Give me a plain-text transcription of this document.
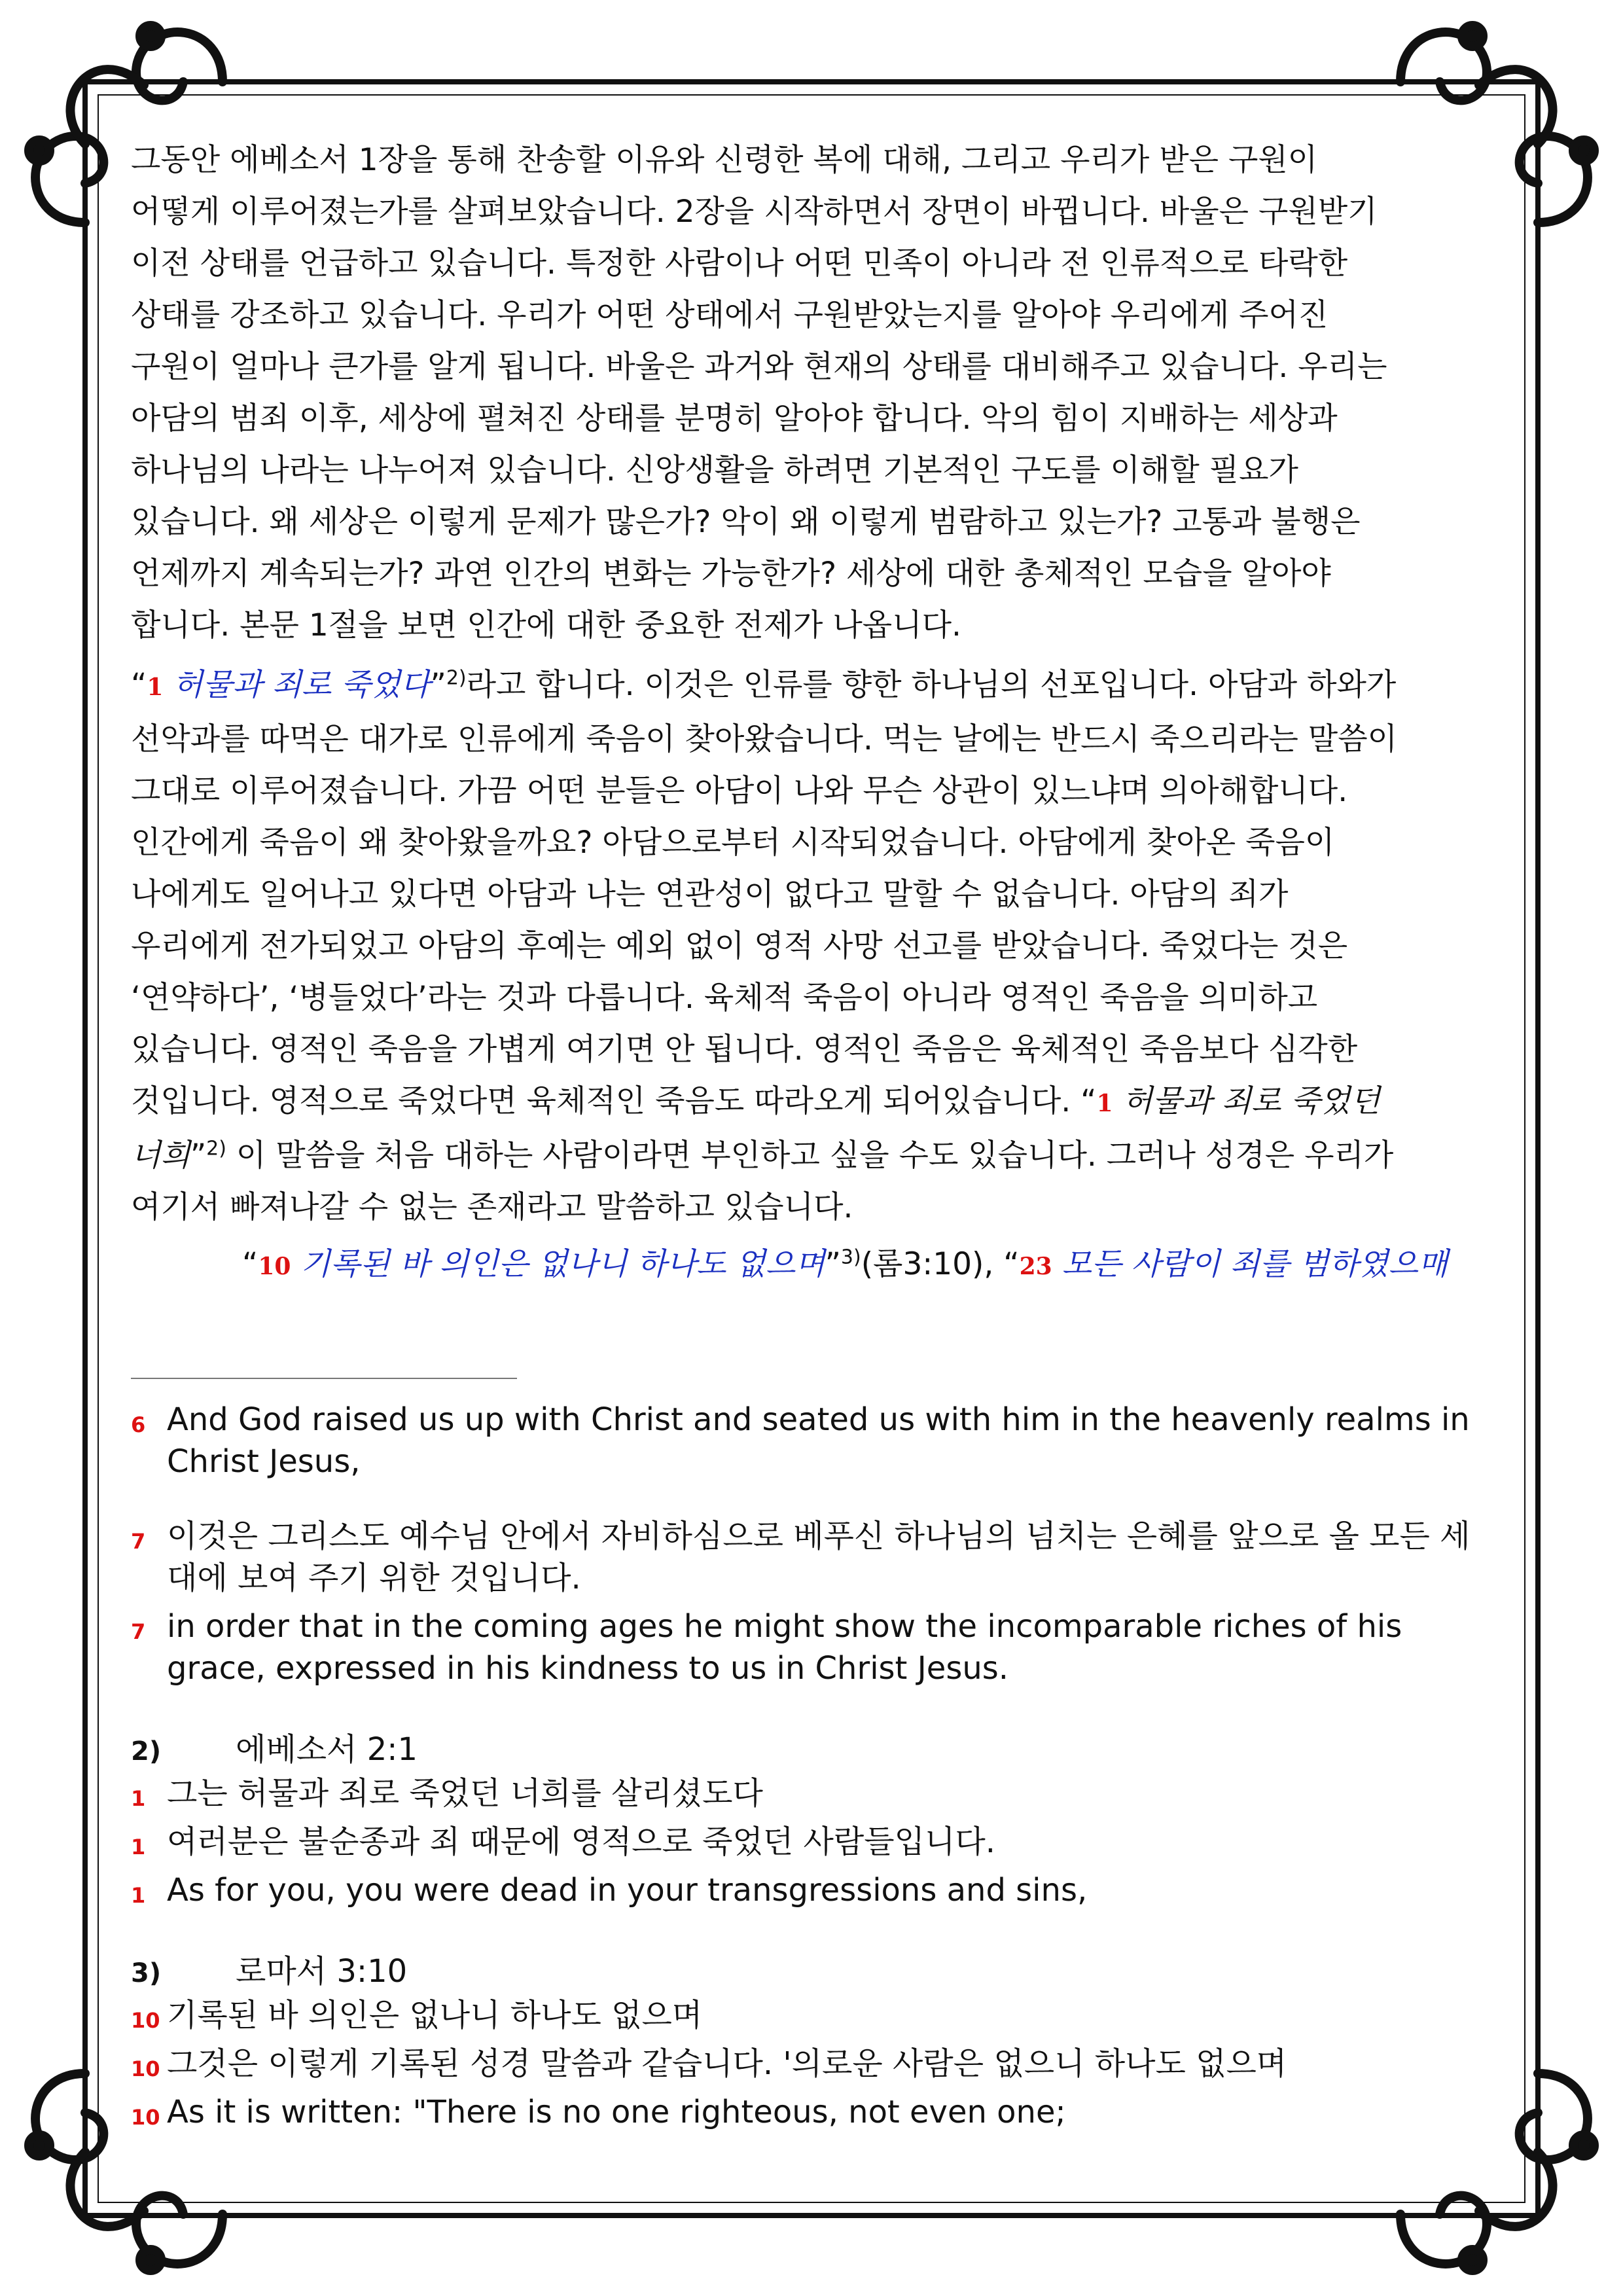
그동안 에베소서 1장을 통해 찬송할 이유와 신령한 복에 대해, 그리고 우리가 받은 구원이

어떻게 이루어졌는가를 살펴보았습니다. 2장을 시작하면서 장면이 바뀝니다. 바울은 구원받기

이전 상태를 언급하고 있습니다. 특정한 사람이나 어떤 민족이 아니라 전 인류적으로 타락한

상태를 강조하고 있습니다. 우리가 어떤 상태에서 구원받았는지를 알아야 우리에게 주어진

구원이 얼마나 큰가를 알게 됩니다. 바울은 과거와 현재의 상태를 대비해주고 있습니다. 우리는

아담의 범죄 이후, 세상에 펼쳐진 상태를 분명히 알아야 합니다. 악의 힘이 지배하는 세상과

하나님의 나라는 나누어져 있습니다. 신앙생활을 하려면 기본적인 구도를 이해할 필요가

있습니다. 왜 세상은 이렇게 문제가 많은가? 악이 왜 이렇게 범람하고 있는가? 고통과 불행은

언제까지 계속되는가? 과연 인간의 변화는 가능한가? 세상에 대한 총체적인 모습을 알아야

합니다. 본문 1절을 보면 인간에 대한 중요한 전제가 나옵니다.

“1 허물과 죄로 죽었다”$^{2)}$라고 합니다. 이것은 인류를 향한 하나님의 선포입니다. 아담과 하와가

선악과를 따먹은 대가로 인류에게 죽음이 찾아왔습니다. 먹는 날에는 반드시 죽으리라는 말씀이

그대로 이루어졌습니다. 가끔 어떤 분들은 아담이 나와 무슨 상관이 있느냐며 의아해합니다.

인간에게 죽음이 왜 찾아왔을까요? 아담으로부터 시작되었습니다. 아담에게 찾아온 죽음이

나에게도 일어나고 있다면 아담과 나는 연관성이 없다고 말할 수 없습니다. 아담의 죄가

우리에게 전가되었고 아담의 후예는 예외 없이 영적 사망 선고를 받았습니다. 죽었다는 것은

‘연약하다’, ‘병들었다’라는 것과 다릅니다. 육체적 죽음이 아니라 영적인 죽음을 의미하고

있습니다. 영적인 죽음을 가볍게 여기면 안 됩니다. 영적인 죽음은 육체적인 죽음보다 심각한

것입니다. 영적으로 죽었다면 육체적인 죽음도 따라오게 되어있습니다. “1 허물과 죄로 죽었던

너희”$^{2)}$ 이 말씀을 처음 대하는 사람이라면 부인하고 싶을 수도 있습니다. 그러나 성경은 우리가

여기서 빠져나갈 수 없는 존재라고 말씀하고 있습니다.

“10 기록된 바 의인은 없나니 하나도 없으며”$^{3)}$(롬3:10), “23 모든 사람이 죄를 범하였으매
6 And God raised us up with Christ and seated us with him in the heavenly realms in Christ Jesus,
7 이것은 그리스도 예수님 안에서 자비하심으로 베푸신 하나님의 넘치는 은혜를 앞으로 올 모든 세대에 보여 주기 위한 것입니다.
7 in order that in the coming ages he might show the incomparable riches of his grace, expressed in his kindness to us in Christ Jesus.
2) 에베소서 2:1
1 그는 허물과 죄로 죽었던 너희를 살리셨도다
1 여러분은 불순종과 죄 때문에 영적으로 죽었던 사람들입니다.
1 As for you, you were dead in your transgressions and sins,
3) 로마서 3:10
10 기록된 바 의인은 없나니 하나도 없으며
10 그것은 이렇게 기록된 성경 말씀과 같습니다. '의로운 사람은 없으니 하나도 없으며
10 As it is written: "There is no one righteous, not even one;
